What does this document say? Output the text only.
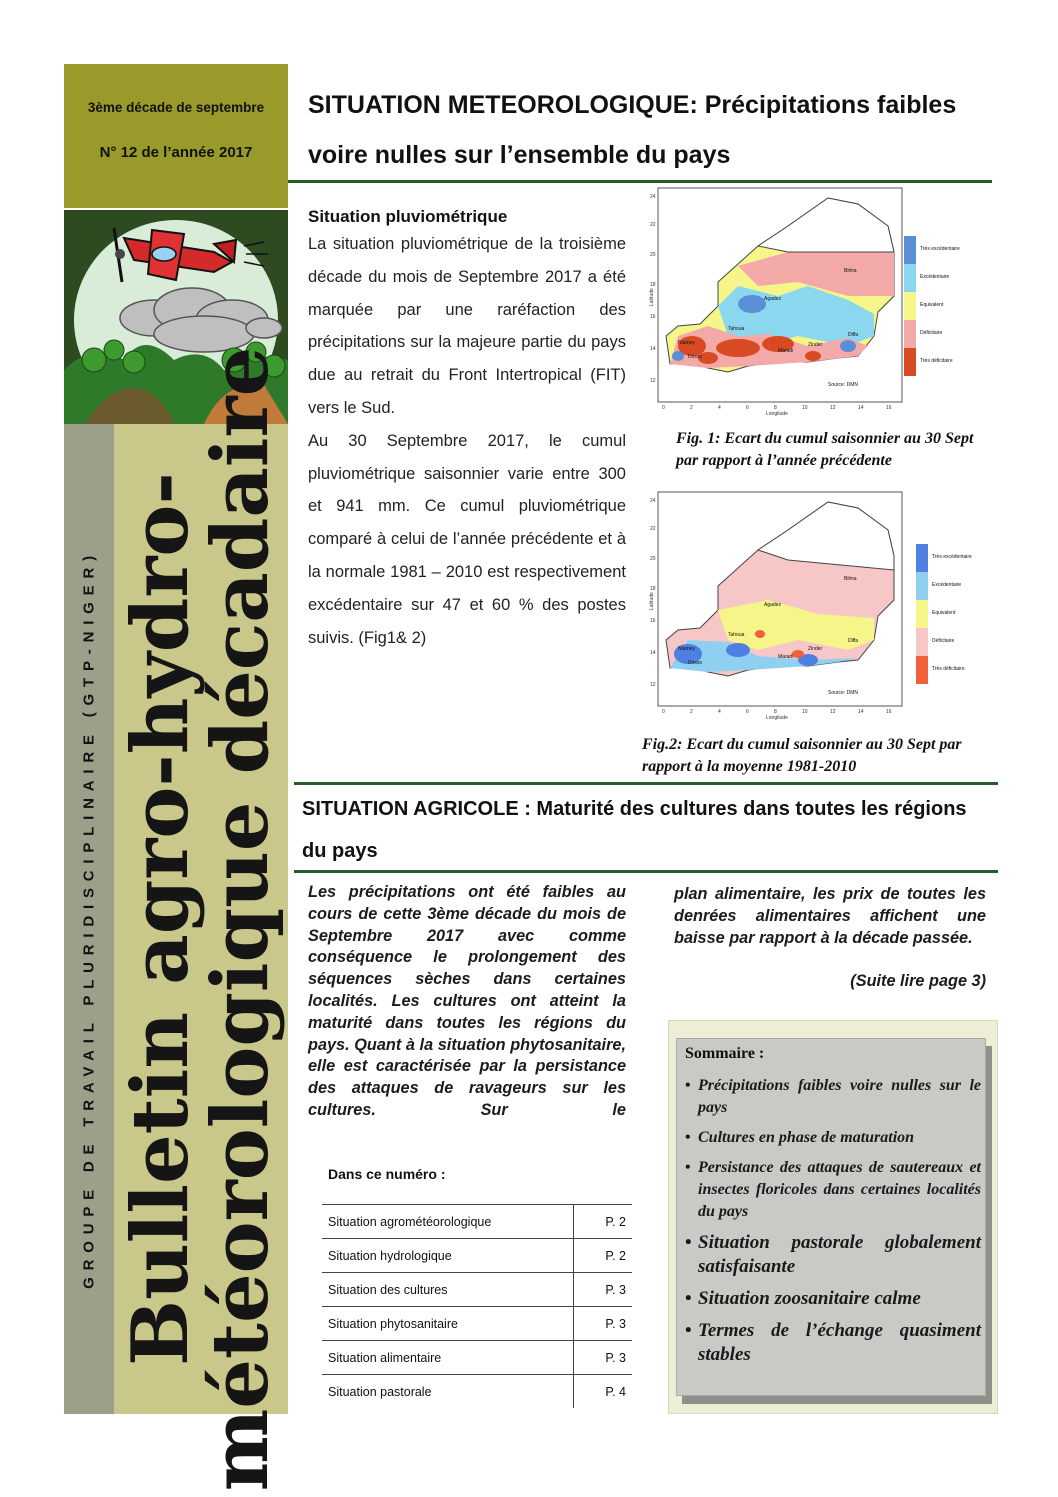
3ème décade de septembre
N° 12 de l’année 2017
GROUPE DE TRAVAIL PLURIDISCIPLINAIRE (GTP-NIGER) Bulletin agro-hydro-
météorologique décadaire
SITUATION METEOROLOGIQUE: Précipitations faibles voire nulles sur l’ensemble du pays
Situation pluviométrique

La situation pluviométrique de la troisième décade du mois de Septembre 2017 a été marquée par une raréfaction des précipitations sur la majeure partie du pays due au retrait du Front Intertropical (FIT) vers le Sud.

Au 30 Septembre 2017, le cumul pluviométrique saisonnier varie entre 300 et 941 mm. Ce cumul pluviométrique comparé à celui de l’année précédente et à la normale 1981 – 2010 est respectivement excédentaire sur 47 et 60 % des postes suivis. (Fig1& 2)

24
22
20
18
16
14
12
0	2	4	6	8	10	12	14	16
Longitude
Latitude
Bilma
Agadez
Tahoua
Maradi
Zinder
Niamey
Diffa
Dosso
Source: DMN
Très excédentaire
Excédentaire
Equivalent
Déficitaire
Très déficitaire
Fig. 1: Ecart du cumul saisonnier au 30 Sept par rapport à l’année précédente
24
22
20
18
16
14
12
0	2	4	6	8	10	12	14	16
Longitude
Latitude
Bilma
Agadez
Tahoua
Maradi
Zinder
Niamey
Diffa
Dosso
Source: DMN
Très excédentaire
Excédentaire
Equivalent
Déficitaire
Très déficitaire
Fig.2: Ecart du cumul saisonnier au 30 Sept par rapport à la moyenne 1981-2010
SITUATION AGRICOLE : Maturité des cultures dans toutes les régions du pays
Les précipitations ont été faibles au cours de cette 3ème décade du mois de Septembre 2017 avec comme conséquence le prolongement des séquences sèches dans certaines localités. Les cultures ont atteint la maturité dans toutes les régions du pays. Quant à la situation phytosanitaire, elle est caractérisée par la persistance des attaques de ravageurs sur les cultures. Sur le
plan alimentaire, les prix de toutes les denrées alimentaires affichent une baisse par rapport à la décade passée.
(Suite lire page 3)
Dans ce numéro :
Situation agrométéorologique	P. 2
Situation hydrologique	P. 2
Situation des cultures	P. 3
Situation phytosanitaire	P. 3
Situation alimentaire	P. 3
Situation pastorale	P. 4
Sommaire :
• Précipitations faibles voire nulles sur le pays
• Cultures en phase de maturation
• Persistance des attaques de sautereaux et insectes floricoles dans certaines localités du pays
• Situation pastorale globalement satisfaisante
• Situation zoosanitaire calme
• Termes de l’échange quasiment stables
